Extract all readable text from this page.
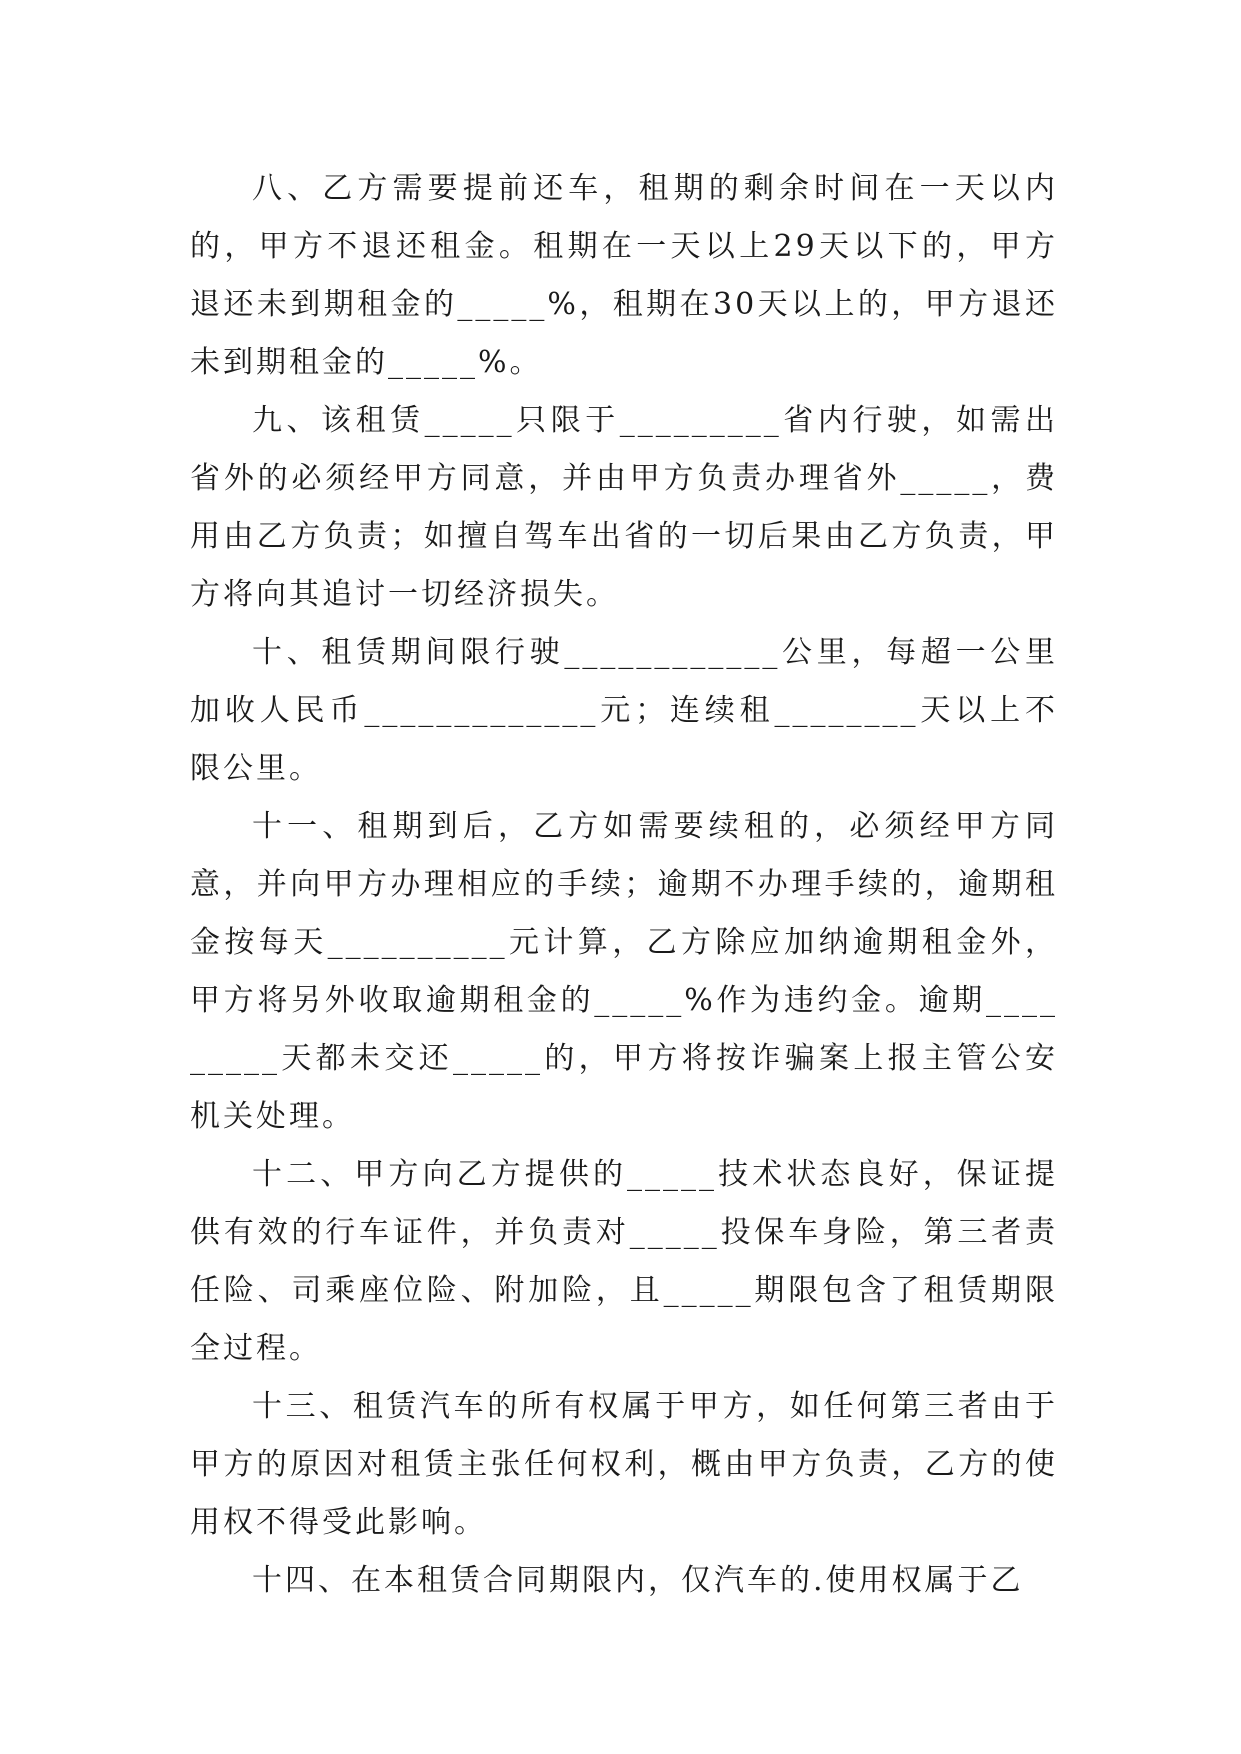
八、乙方需要提前还车，租期的剩余时间在一天以内的，甲方不退还租金。租期在一天以上29天以下的，甲方退还未到期租金的_____%，租期在30天以上的，甲方退还未到期租金的_____%。

九、该租赁_____只限于_________省内行驶，如需出省外的必须经甲方同意，并由甲方负责办理省外_____，费用由乙方负责；如擅自驾车出省的一切后果由乙方负责，甲方将向其追讨一切经济损失。

十、租赁期间限行驶____________公里，每超一公里加收人民币_____________元；连续租________天以上不限公里。

十一、租期到后，乙方如需要续租的，必须经甲方同意，并向甲方办理相应的手续；逾期不办理手续的，逾期租金按每天__________元计算，乙方除应加纳逾期租金外，甲方将另外收取逾期租金的_____%作为违约金。逾期_________天都未交还_____的，甲方将按诈骗案上报主管公安机关处理。

十二、甲方向乙方提供的_____技术状态良好，保证提供有效的行车证件，并负责对_____投保车身险，第三者责任险、司乘座位险、附加险，且_____期限包含了租赁期限全过程。

十三、租赁汽车的所有权属于甲方，如任何第三者由于甲方的原因对租赁主张任何权利，概由甲方负责，乙方的使用权不得受此影响。

十四、在本租赁合同期限内，仅汽车的.使用权属于乙
